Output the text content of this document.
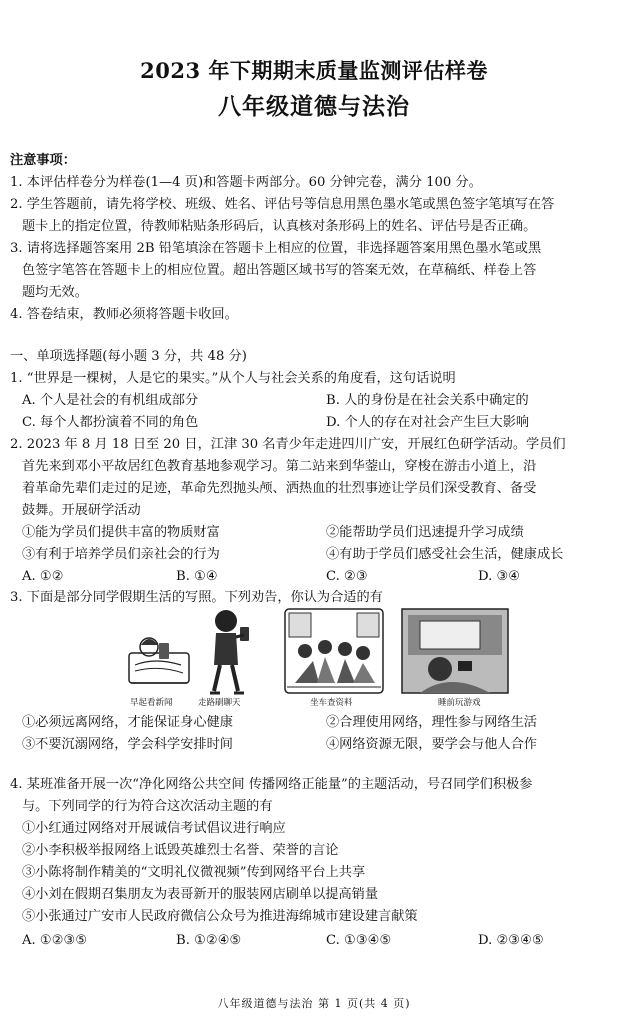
2023 年下期期末质量监测评估样卷
八年级道德与法治
注意事项：
1. 本评估样卷分为样卷(1—4 页)和答题卡两部分。60 分钟完卷，满分 100 分。
2. 学生答题前，请先将学校、班级、姓名、评估号等信息用黑色墨水笔或黑色签字笔填写在答
题卡上的指定位置，待教师粘贴条形码后，认真核对条形码上的姓名、评估号是否正确。
3. 请将选择题答案用 2B 铅笔填涂在答题卡上相应的位置，非选择题答案用黑色墨水笔或黑
色签字笔答在答题卡上的相应位置。超出答题区域书写的答案无效，在草稿纸、样卷上答
题均无效。
4. 答卷结束，教师必须将答题卡收回。
一、单项选择题(每小题 3 分，共 48 分)
1. “世界是一棵树，人是它的果实。”从个人与社会关系的角度看，这句话说明
A. 个人是社会的有机组成部分	B. 人的身份是在社会关系中确定的
C. 每个人都扮演着不同的角色	D. 个人的存在对社会产生巨大影响
2. 2023 年 8 月 18 日至 20 日，江津 30 名青少年走进四川广安，开展红色研学活动。学员们
首先来到邓小平故居红色教育基地参观学习。第二站来到华蓥山，穿梭在游击小道上，沿
着革命先辈们走过的足迹，革命先烈抛头颅、洒热血的壮烈事迹让学员们深受教育、备受
鼓舞。开展研学活动
①能为学员们提供丰富的物质财富	②能帮助学员们迅速提升学习成绩
③有利于培养学员们亲社会的行为	④有助于学员们感受社会生活，健康成长
A. ①②	B. ①④	C. ②③	D. ③④
3. 下面是部分同学假期生活的写照。下列劝告，你认为合适的有
早起看新闻	走路刷聊天	坐车查资料	睡前玩游戏
①必须远离网络，才能保证身心健康	②合理使用网络，理性参与网络生活
③不要沉溺网络，学会科学安排时间	④网络资源无限，要学会与他人合作
4. 某班准备开展一次“净化网络公共空间 传播网络正能量”的主题活动，号召同学们积极参
与。下列同学的行为符合这次活动主题的有
①小红通过网络对开展诚信考试倡议进行响应
②小李积极举报网络上诋毁英雄烈士名誉、荣誉的言论
③小陈将制作精美的“文明礼仪微视频”传到网络平台上共享
④小刘在假期召集朋友为表哥新开的服装网店刷单以提高销量
⑤小张通过广安市人民政府微信公众号为推进海绵城市建设建言献策
A. ①②③⑤	B. ①②④⑤	C. ①③④⑤	D. ②③④⑤
八年级道德与法治 第 1 页(共 4 页)
